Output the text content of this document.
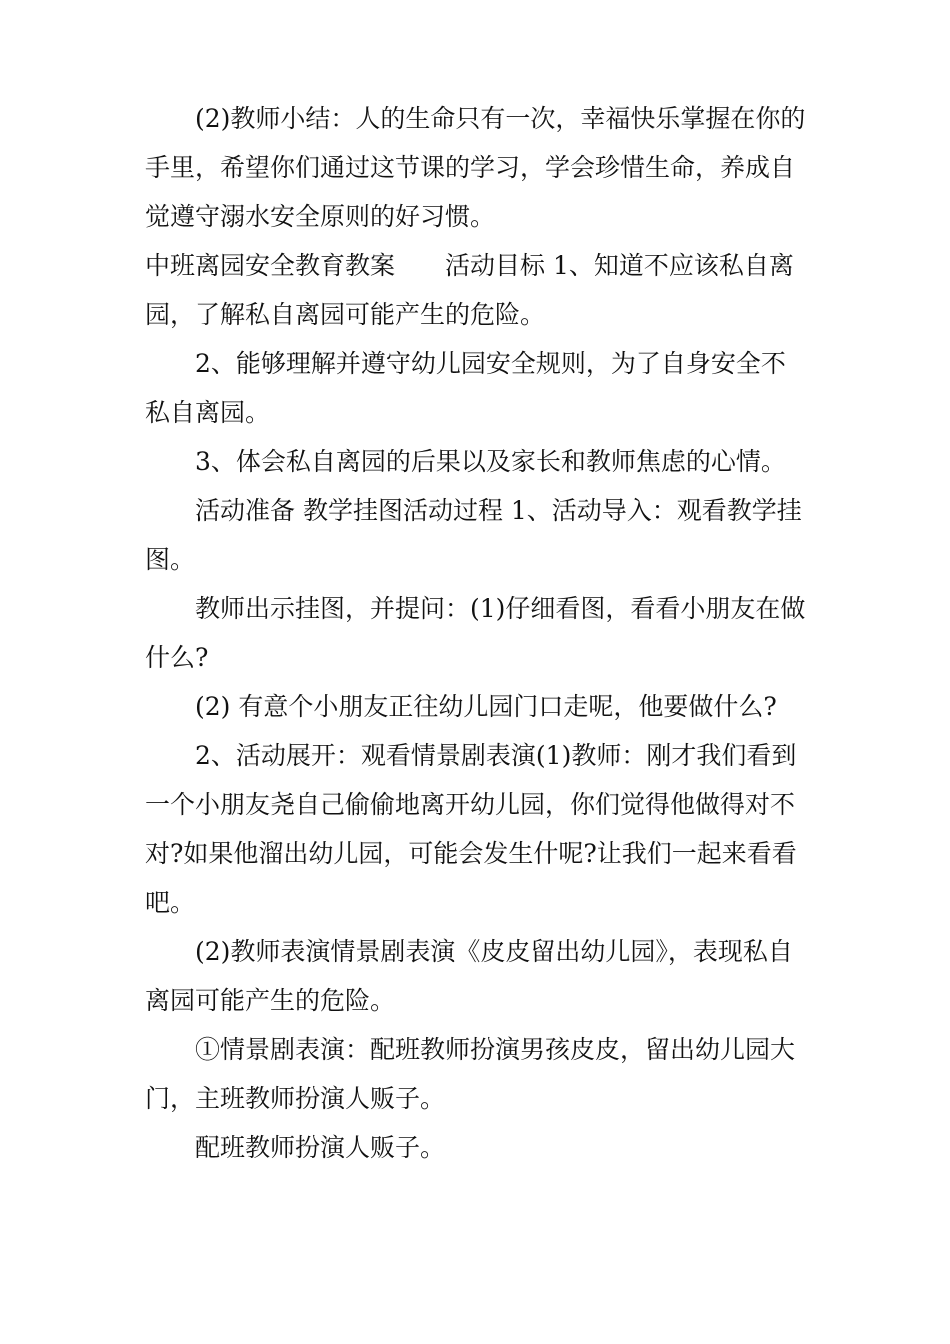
(2)教师小结：人的生命只有一次，幸福快乐掌握在你的手里，希望你们通过这节课的学习，学会珍惜生命，养成自觉遵守溺水安全原则的好习惯。

中班离园安全教育教案　　活动目标 1、知道不应该私自离园，了解私自离园可能产生的危险。

2、能够理解并遵守幼儿园安全规则，为了自身安全不私自离园。

3、体会私自离园的后果以及家长和教师焦虑的心情。

活动准备 教学挂图活动过程 1、活动导入：观看教学挂图。

教师出示挂图，并提问：(1)仔细看图，看看小朋友在做什么?

(2) 有意个小朋友正往幼儿园门口走呢，他要做什么?

2、活动展开：观看情景剧表演(1)教师：刚才我们看到一个小朋友尧自己偷偷地离开幼儿园，你们觉得他做得对不对?如果他溜出幼儿园，可能会发生什呢?让我们一起来看看吧。

(2)教师表演情景剧表演《皮皮留出幼儿园》，表现私自离园可能产生的危险。

①情景剧表演：配班教师扮演男孩皮皮，留出幼儿园大门，主班教师扮演人贩子。

配班教师扮演人贩子。
